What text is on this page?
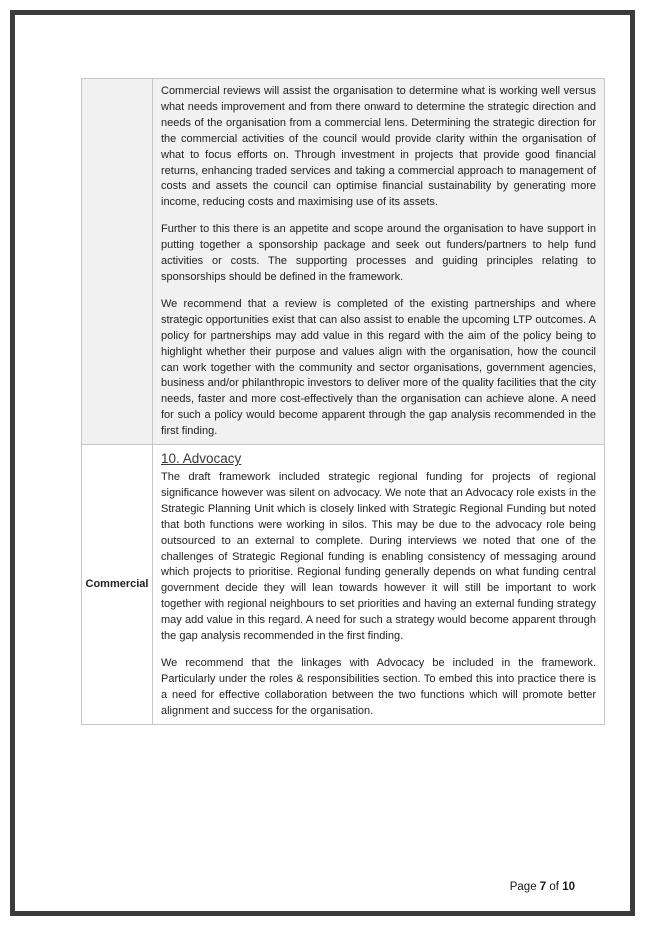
	Commercial reviews will assist the organisation to determine what is working well versus what needs improvement and from there onward to determine the strategic direction and needs of the organisation from a commercial lens. Determining the strategic direction for the commercial activities of the council would provide clarity within the organisation of what to focus efforts on. Through investment in projects that provide good financial returns, enhancing traded services and taking a commercial approach to management of costs and assets the council can optimise financial sustainability by generating more income, reducing costs and maximising use of its assets.

Further to this there is an appetite and scope around the organisation to have support in putting together a sponsorship package and seek out funders/partners to help fund activities or costs. The supporting processes and guiding principles relating to sponsorships should be defined in the framework.

We recommend that a review is completed of the existing partnerships and where strategic opportunities exist that can also assist to enable the upcoming LTP outcomes. A policy for partnerships may add value in this regard with the aim of the policy being to highlight whether their purpose and values align with the organisation, how the council can work together with the community and sector organisations, government agencies, business and/or philanthropic investors to deliver more of the quality facilities that the city needs, faster and more cost-effectively than the organisation can achieve alone. A need for such a policy would become apparent through the gap analysis recommended in the first finding.

Commercial	10. Advocacy

The draft framework included strategic regional funding for projects of regional significance however was silent on advocacy. We note that an Advocacy role exists in the Strategic Planning Unit which is closely linked with Strategic Regional Funding but noted that both functions were working in silos. This may be due to the advocacy role being outsourced to an external to complete. During interviews we noted that one of the challenges of Strategic Regional funding is enabling consistency of messaging around which projects to prioritise. Regional funding generally depends on what funding central government decide they will lean towards however it will still be important to work together with regional neighbours to set priorities and having an external funding strategy may add value in this regard. A need for such a strategy would become apparent through the gap analysis recommended in the first finding.

We recommend that the linkages with Advocacy be included in the framework. Particularly under the roles & responsibilities section. To embed this into practice there is a need for effective collaboration between the two functions which will promote better alignment and success for the organisation.

Page 7 of 10
